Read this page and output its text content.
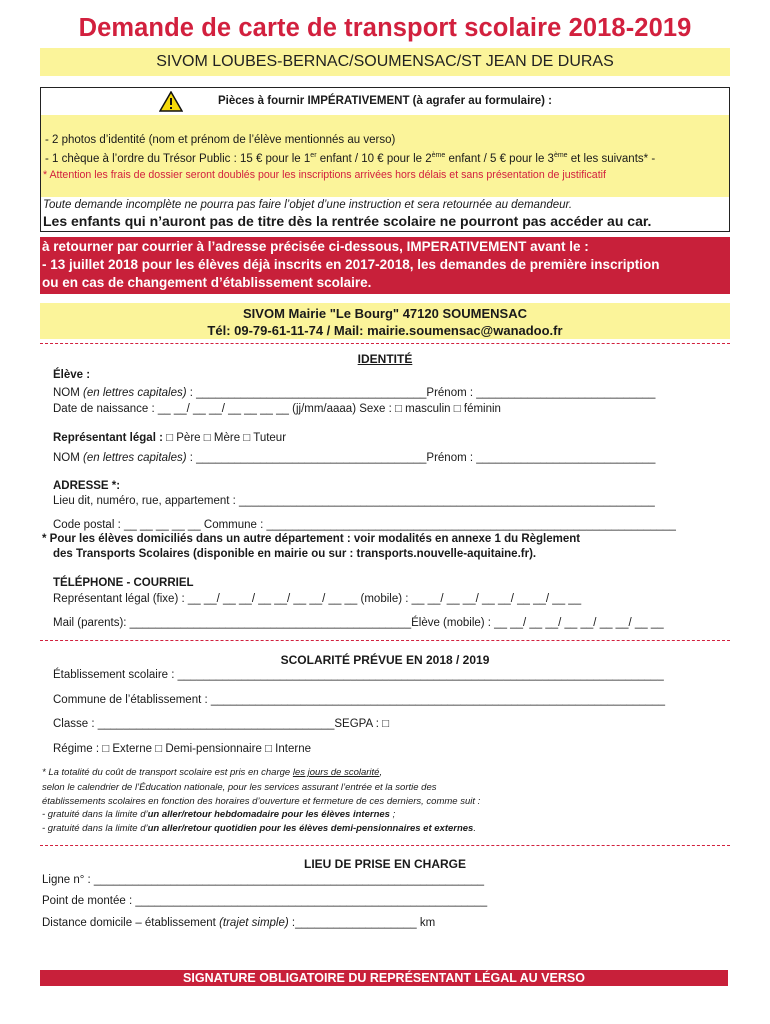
Demande de carte de transport scolaire 2018-2019
SIVOM LOUBES-BERNAC/SOUMENSAC/ST JEAN DE DURAS
Pièces à fournir IMPÉRATIVEMENT (à agrafer au formulaire) :
- 2 photos d’identité (nom et prénom de l’élève mentionnés au verso)
- 1 chèque à l’ordre du Trésor Public : 15 € pour le 1er enfant / 10 € pour le 2ème enfant / 5 € pour le 3ème et les suivants* -
* Attention les frais de dossier seront doublés pour les inscriptions arrivées hors délais et sans présentation de justificatif
Toute demande incomplète ne pourra pas faire l’objet d’une instruction et sera retournée au demandeur.
Les enfants qui n’auront pas de titre dès la rentrée scolaire ne pourront pas accéder au car.
à retourner par courrier à l’adresse précisée ci-dessous, IMPERATIVEMENT avant le :
- 13 juillet 2018 pour les élèves déjà inscrits en 2017-2018, les demandes de première inscription
ou en cas de changement d’établissement scolaire.
SIVOM Mairie "Le Bourg" 47120 SOUMENSAC
Tél: 09-79-61-11-74 / Mail: mairie.soumensac@wanadoo.fr
IDENTITÉ
Élève :
NOM (en lettres capitales) : ____________________________________Prénom : ____________________________
Date de naissance : __ __/ __ __/ __ __ __ __ (jj/mm/aaaa) Sexe : □ masculin □ féminin
Représentant légal : □ Père □ Mère □ Tuteur
NOM (en lettres capitales) : ____________________________________Prénom : ____________________________
ADRESSE *:
Lieu dit, numéro, rue, appartement : _________________________________________________________________
Code postal : __ __ __ __ __ Commune : ________________________________________________________________
* Pour les élèves domiciliés dans un autre département : voir modalités en annexe 1 du Règlement
des Transports Scolaires (disponible en mairie ou sur : transports.nouvelle-aquitaine.fr).
TÉLÉPHONE - COURRIEL
Représentant légal (fixe) : __ __/ __ __/ __ __/ __ __/ __ __ (mobile) : __ __/ __ __/ __ __/ __ __/ __ __
Mail (parents): ____________________________________________Élève (mobile) : __ __/ __ __/ __ __/ __ __/ __ __
SCOLARITÉ PRÉVUE EN 2018 / 2019
Établissement scolaire : ____________________________________________________________________________
Commune de l’établissement : _______________________________________________________________________
Classe : _____________________________________SEGPA : □
Régime : □ Externe □ Demi-pensionnaire □ Interne
* La totalité du coût de transport scolaire est pris en charge les jours de scolarité,
selon le calendrier de l’Éducation nationale, pour les services assurant l’entrée et la sortie des
établissements scolaires en fonction des horaires d’ouverture et fermeture de ces derniers, comme suit :
- gratuité dans la limite d’un aller/retour hebdomadaire pour les élèves internes ;
- gratuité dans la limite d’un aller/retour quotidien pour les élèves demi-pensionnaires et externes.
LIEU DE PRISE EN CHARGE
Ligne n° : _____________________________________________________________
Point de montée : _______________________________________________________
Distance domicile – établissement (trajet simple) :___________________ km
SIGNATURE OBLIGATOIRE DU REPRÉSENTANT LÉGAL AU VERSO
